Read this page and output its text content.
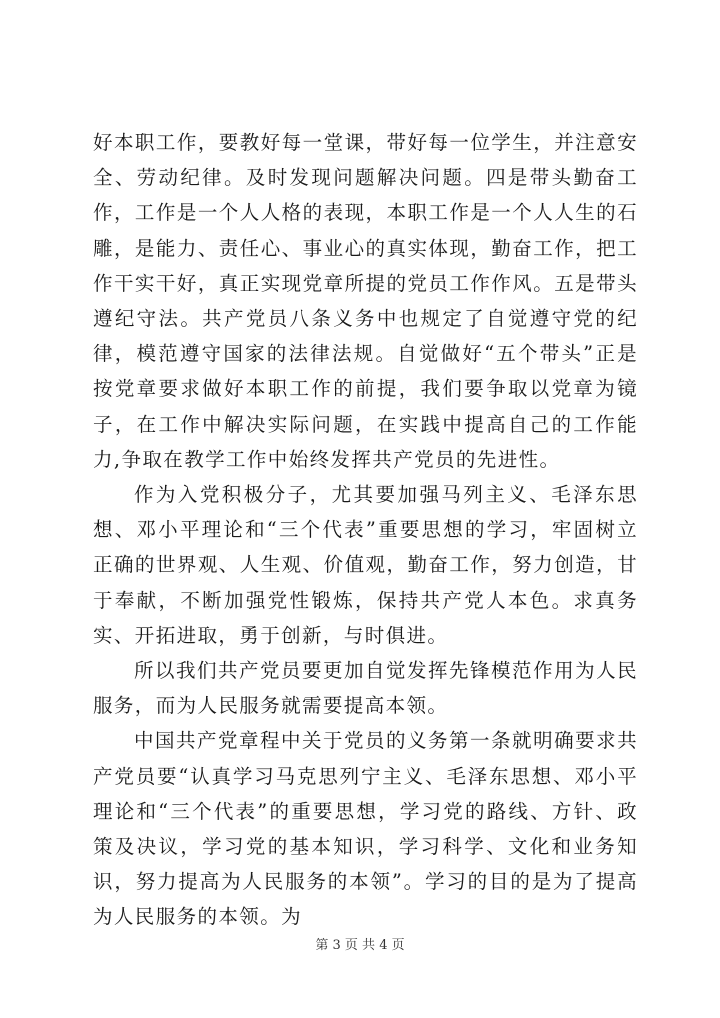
好本职工作，要教好每一堂课，带好每一位学生，并注意安全、劳动纪律。及时发现问题解决问题。四是带头勤奋工作，工作是一个人人格的表现，本职工作是一个人人生的石雕，是能力、责任心、事业心的真实体现，勤奋工作，把工作干实干好，真正实现党章所提的党员工作作风。五是带头遵纪守法。共产党员八条义务中也规定了自觉遵守党的纪律，模范遵守国家的法律法规。自觉做好“五个带头”正是按党章要求做好本职工作的前提，我们要争取以党章为镜子，在工作中解决实际问题，在实践中提高自己的工作能力,争取在教学工作中始终发挥共产党员的先进性。

作为入党积极分子，尤其要加强马列主义、毛泽东思想、邓小平理论和“三个代表”重要思想的学习，牢固树立正确的世界观、人生观、价值观，勤奋工作，努力创造，甘于奉献，不断加强党性锻炼，保持共产党人本色。求真务实、开拓进取，勇于创新，与时俱进。

所以我们共产党员要更加自觉发挥先锋模范作用为人民服务，而为人民服务就需要提高本领。

中国共产党章程中关于党员的义务第一条就明确要求共产党员要“认真学习马克思列宁主义、毛泽东思想、邓小平理论和“三个代表”的重要思想，学习党的路线、方针、政策及决议，学习党的基本知识，学习科学、文化和业务知识，努力提高为人民服务的本领”。学习的目的是为了提高为人民服务的本领。为

第 3 页 共 4 页
